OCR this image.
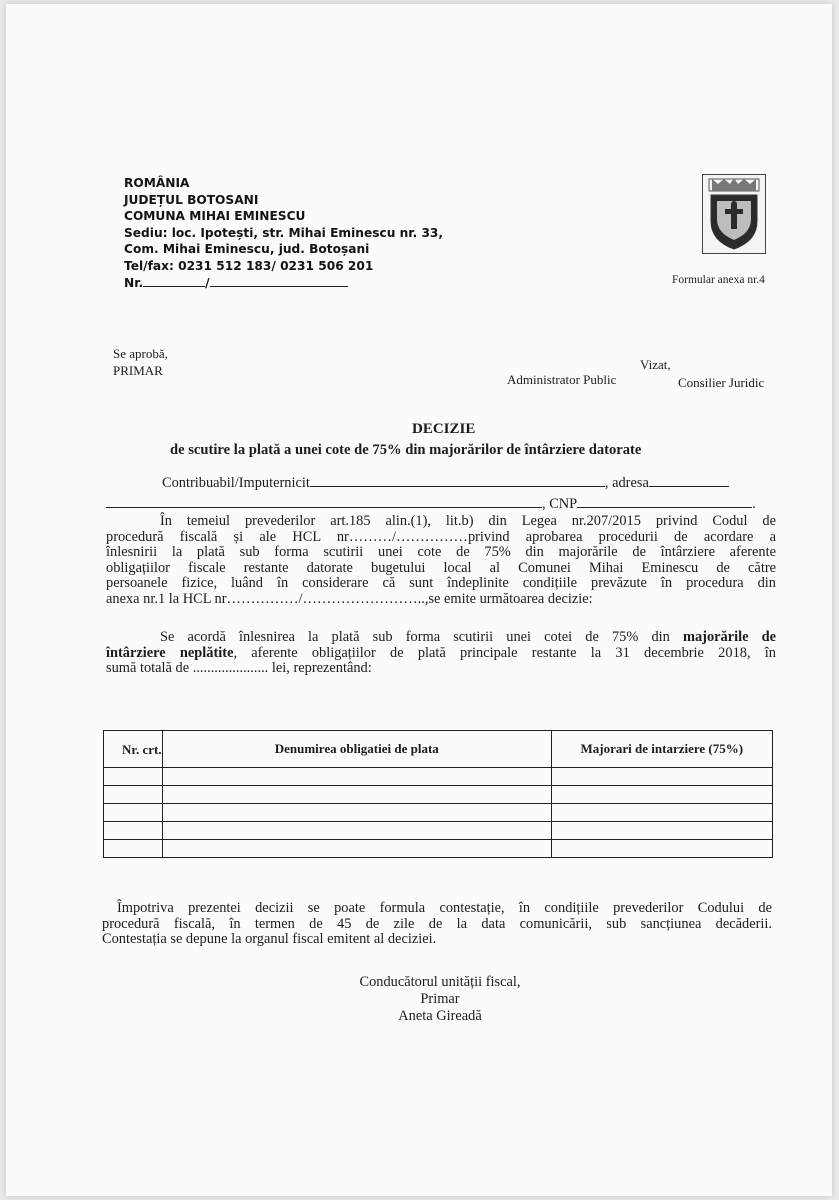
ROMÂNIA
JUDEȚUL BOTOSANI
COMUNA MIHAI EMINESCU
Sediu: loc. Ipotești, str. Mihai Eminescu nr. 33,
Com. Mihai Eminescu, jud. Botoșani
Tel/fax: 0231 512 183/ 0231 506 201
Nr.	/	Formular anexa nr.4
Se aprobă,
PRIMAR	Vizat,
Administrator Public	Consilier Juridic
DECIZIE
de scutire la plată a unei cote de 75% din majorărilor de întârziere datorate
Contribuabil/Imputernicit	, adresa
, CNP	.
În temeiul prevederilor art.185 alin.(1), lit.b) din Legea nr.207/2015 privind Codul de
procedură fiscală și ale HCL nr………/……………privind aprobarea procedurii de acordare a
înlesnirii la plată sub forma scutirii unei cote de 75% din majorările de întârziere aferente
obligațiilor fiscale restante datorate bugetului local al Comunei Mihai Eminescu de către
persoanele fizice, luând în considerare că sunt îndeplinite condițiile prevăzute în procedura din
anexa nr.1 la HCL nr……………/……………………..,se emite următoarea decizie:
Se acordă înlesnirea la plată sub forma scutirii unei cotei de 75% din majorările de
întârziere neplătite, aferente obligațiilor de plată principale restante la 31 decembrie 2018, în
sumă totală de ..................... lei, reprezentând:
Nr. crt.	Denumirea obligatiei de plata	Majorari de intarziere (75%)

Împotriva prezentei decizii se poate formula contestație, în condițiile prevederilor Codului de
procedură fiscală, în termen de 45 de zile de la data comunicării, sub sancțiunea decăderii.
Contestația se depune la organul fiscal emitent al deciziei.
Conducătorul unității fiscal,
Primar
Aneta Gireadă
